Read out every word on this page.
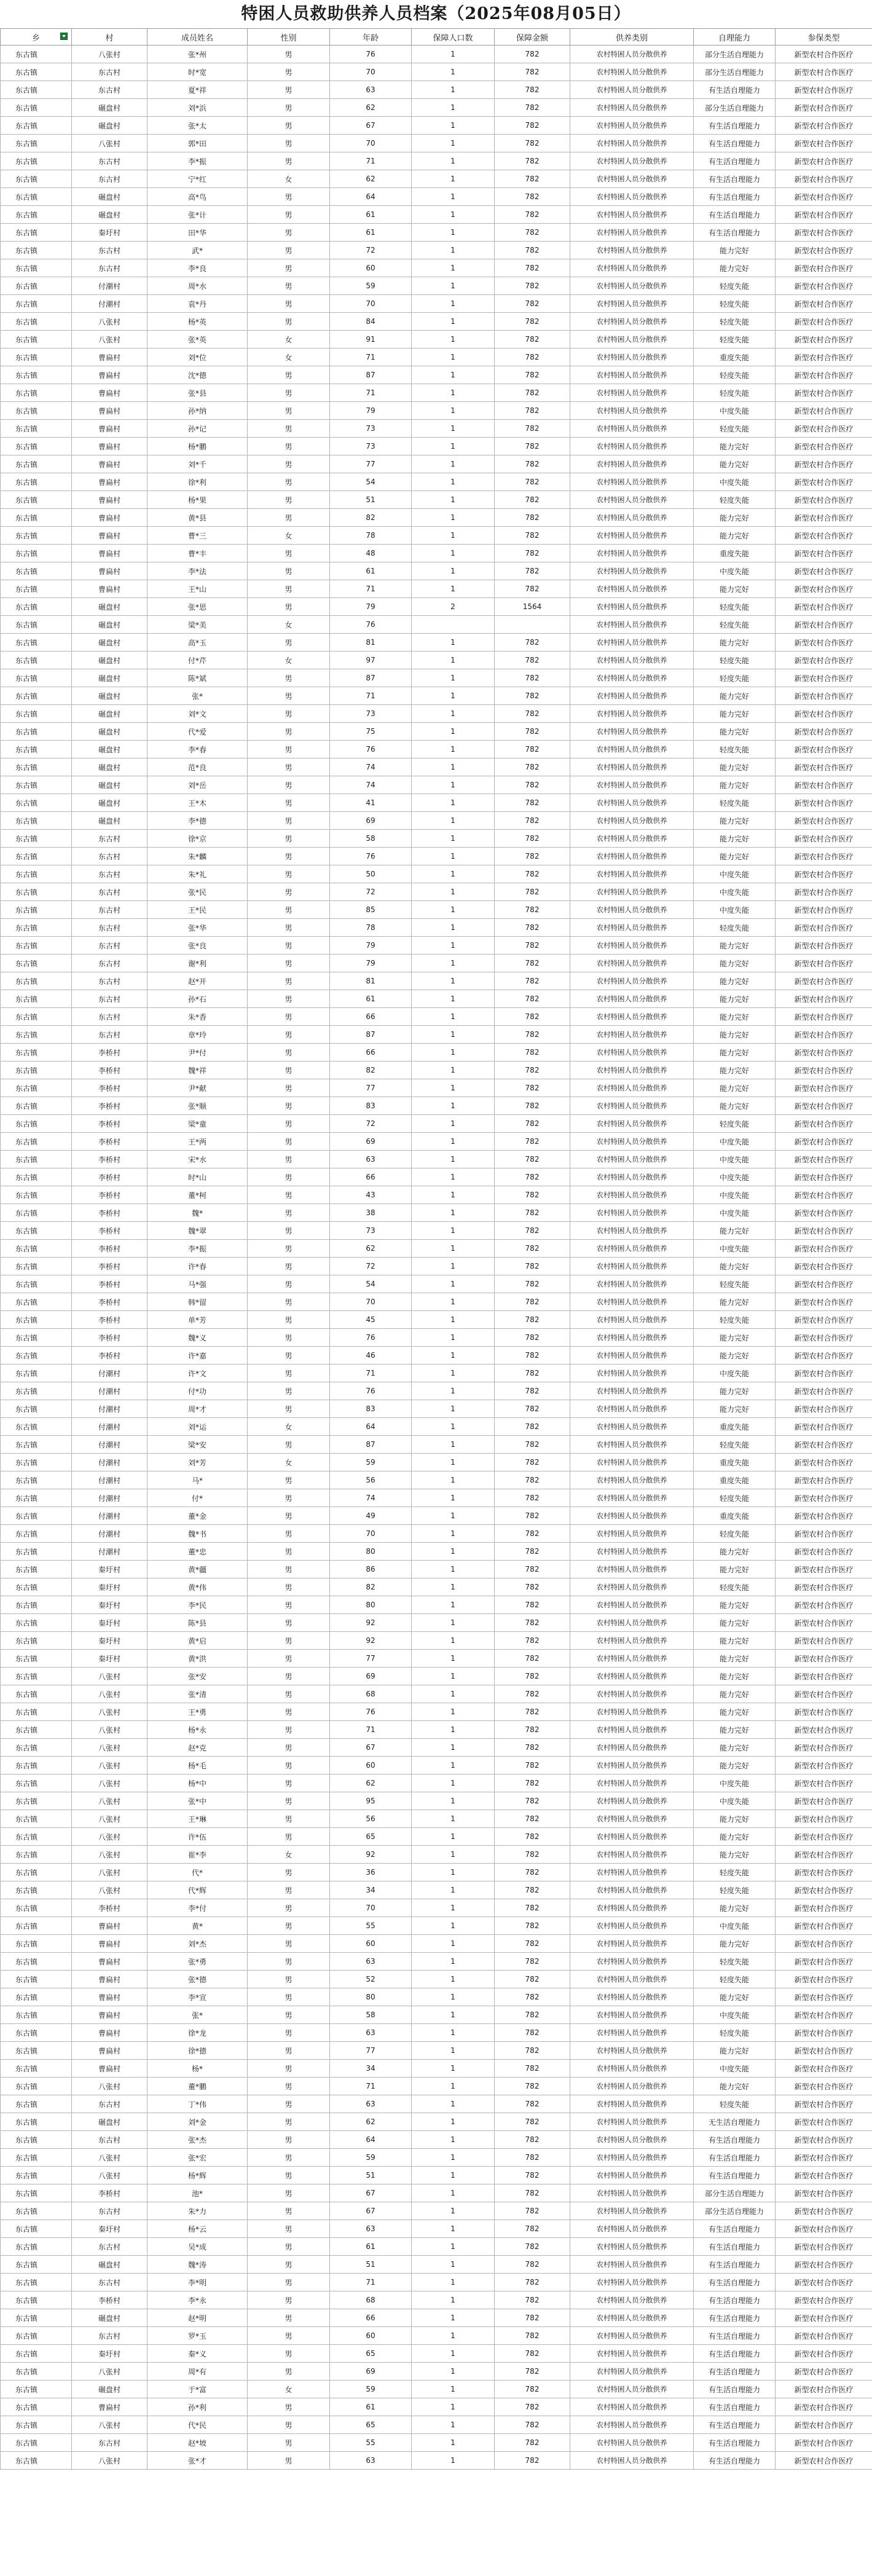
特困人员救助供养人员档案（2025年08月05日）
乡	村	成员姓名	性别	年龄	保障人口数	保障金额	供养类别	自理能力	参保类型
东古镇	八张村	张*州	男	76	1	782	农村特困人员分散供养	部分生活自理能力	新型农村合作医疗
东古镇	东古村	时*宽	男	70	1	782	农村特困人员分散供养	部分生活自理能力	新型农村合作医疗
东古镇	东古村	夏*祥	男	63	1	782	农村特困人员分散供养	有生活自理能力	新型农村合作医疗
东古镇	碾盘村	刘*浜	男	62	1	782	农村特困人员分散供养	部分生活自理能力	新型农村合作医疗
东古镇	碾盘村	张*太	男	67	1	782	农村特困人员分散供养	有生活自理能力	新型农村合作医疗
东古镇	八张村	郭*田	男	70	1	782	农村特困人员分散供养	有生活自理能力	新型农村合作医疗
东古镇	东古村	李*振	男	71	1	782	农村特困人员分散供养	有生活自理能力	新型农村合作医疗
东古镇	东古村	宁*红	女	62	1	782	农村特困人员分散供养	有生活自理能力	新型农村合作医疗
东古镇	碾盘村	高*鸟	男	64	1	782	农村特困人员分散供养	有生活自理能力	新型农村合作医疗
东古镇	碾盘村	张*计	男	61	1	782	农村特困人员分散供养	有生活自理能力	新型农村合作医疗
东古镇	秦圩村	田*华	男	61	1	782	农村特困人员分散供养	有生活自理能力	新型农村合作医疗
东古镇	东古村	武*	男	72	1	782	农村特困人员分散供养	能力完好	新型农村合作医疗
东古镇	东古村	李*良	男	60	1	782	农村特困人员分散供养	能力完好	新型农村合作医疗
东古镇	付潮村	周*水	男	59	1	782	农村特困人员分散供养	轻度失能	新型农村合作医疗
东古镇	付潮村	袁*丹	男	70	1	782	农村特困人员分散供养	轻度失能	新型农村合作医疗
东古镇	八张村	杨*英	男	84	1	782	农村特困人员分散供养	轻度失能	新型农村合作医疗
东古镇	八张村	张*英	女	91	1	782	农村特困人员分散供养	轻度失能	新型农村合作医疗
东古镇	曹扁村	刘*位	女	71	1	782	农村特困人员分散供养	重度失能	新型农村合作医疗
东古镇	曹扁村	沈*德	男	87	1	782	农村特困人员分散供养	轻度失能	新型农村合作医疗
东古镇	曹扁村	张*县	男	71	1	782	农村特困人员分散供养	轻度失能	新型农村合作医疗
东古镇	曹扁村	孙*纳	男	79	1	782	农村特困人员分散供养	中度失能	新型农村合作医疗
东古镇	曹扁村	孙*记	男	73	1	782	农村特困人员分散供养	轻度失能	新型农村合作医疗
东古镇	曹扁村	杨*鹏	男	73	1	782	农村特困人员分散供养	能力完好	新型农村合作医疗
东古镇	曹扁村	刘*千	男	77	1	782	农村特困人员分散供养	能力完好	新型农村合作医疗
东古镇	曹扁村	徐*利	男	54	1	782	农村特困人员分散供养	中度失能	新型农村合作医疗
东古镇	曹扁村	杨*果	男	51	1	782	农村特困人员分散供养	轻度失能	新型农村合作医疗
东古镇	曹扁村	黄*县	男	82	1	782	农村特困人员分散供养	能力完好	新型农村合作医疗
东古镇	曹扁村	曹*三	女	78	1	782	农村特困人员分散供养	能力完好	新型农村合作医疗
东古镇	曹扁村	曹*丰	男	48	1	782	农村特困人员分散供养	重度失能	新型农村合作医疗
东古镇	曹扁村	李*法	男	61	1	782	农村特困人员分散供养	中度失能	新型农村合作医疗
东古镇	曹扁村	王*山	男	71	1	782	农村特困人员分散供养	能力完好	新型农村合作医疗
东古镇	碾盘村	张*思	男	79	2	1564	农村特困人员分散供养	轻度失能	新型农村合作医疗
东古镇	碾盘村	梁*美	女	76			农村特困人员分散供养	轻度失能	新型农村合作医疗
东古镇	碾盘村	高*玉	男	81	1	782	农村特困人员分散供养	能力完好	新型农村合作医疗
东古镇	碾盘村	付*芹	女	97	1	782	农村特困人员分散供养	轻度失能	新型农村合作医疗
东古镇	碾盘村	陈*斌	男	87	1	782	农村特困人员分散供养	轻度失能	新型农村合作医疗
东古镇	碾盘村	张*	男	71	1	782	农村特困人员分散供养	能力完好	新型农村合作医疗
东古镇	碾盘村	刘*文	男	73	1	782	农村特困人员分散供养	能力完好	新型农村合作医疗
东古镇	碾盘村	代*爱	男	75	1	782	农村特困人员分散供养	能力完好	新型农村合作医疗
东古镇	碾盘村	李*春	男	76	1	782	农村特困人员分散供养	轻度失能	新型农村合作医疗
东古镇	碾盘村	范*良	男	74	1	782	农村特困人员分散供养	能力完好	新型农村合作医疗
东古镇	碾盘村	刘*岳	男	74	1	782	农村特困人员分散供养	能力完好	新型农村合作医疗
东古镇	碾盘村	王*木	男	41	1	782	农村特困人员分散供养	轻度失能	新型农村合作医疗
东古镇	碾盘村	李*德	男	69	1	782	农村特困人员分散供养	能力完好	新型农村合作医疗
东古镇	东古村	徐*京	男	58	1	782	农村特困人员分散供养	能力完好	新型农村合作医疗
东古镇	东古村	朱*麟	男	76	1	782	农村特困人员分散供养	能力完好	新型农村合作医疗
东古镇	东古村	朱*礼	男	50	1	782	农村特困人员分散供养	中度失能	新型农村合作医疗
东古镇	东古村	张*民	男	72	1	782	农村特困人员分散供养	中度失能	新型农村合作医疗
东古镇	东古村	王*民	男	85	1	782	农村特困人员分散供养	中度失能	新型农村合作医疗
东古镇	东古村	张*华	男	78	1	782	农村特困人员分散供养	轻度失能	新型农村合作医疗
东古镇	东古村	张*良	男	79	1	782	农村特困人员分散供养	能力完好	新型农村合作医疗
东古镇	东古村	谢*利	男	79	1	782	农村特困人员分散供养	能力完好	新型农村合作医疗
东古镇	东古村	赵*开	男	81	1	782	农村特困人员分散供养	能力完好	新型农村合作医疗
东古镇	东古村	孙*石	男	61	1	782	农村特困人员分散供养	能力完好	新型农村合作医疗
东古镇	东古村	朱*香	男	66	1	782	农村特困人员分散供养	能力完好	新型农村合作医疗
东古镇	东古村	章*玲	男	87	1	782	农村特困人员分散供养	能力完好	新型农村合作医疗
东古镇	李桥村	尹*付	男	66	1	782	农村特困人员分散供养	能力完好	新型农村合作医疗
东古镇	李桥村	魏*祥	男	82	1	782	农村特困人员分散供养	能力完好	新型农村合作医疗
东古镇	李桥村	尹*献	男	77	1	782	农村特困人员分散供养	能力完好	新型农村合作医疗
东古镇	李桥村	张*顺	男	83	1	782	农村特困人员分散供养	能力完好	新型农村合作医疗
东古镇	李桥村	梁*童	男	72	1	782	农村特困人员分散供养	轻度失能	新型农村合作医疗
东古镇	李桥村	王*两	男	69	1	782	农村特困人员分散供养	中度失能	新型农村合作医疗
东古镇	李桥村	宋*水	男	63	1	782	农村特困人员分散供养	中度失能	新型农村合作医疗
东古镇	李桥村	时*山	男	66	1	782	农村特困人员分散供养	中度失能	新型农村合作医疗
东古镇	李桥村	董*柯	男	43	1	782	农村特困人员分散供养	中度失能	新型农村合作医疗
东古镇	李桥村	魏*	男	38	1	782	农村特困人员分散供养	中度失能	新型农村合作医疗
东古镇	李桥村	魏*翠	男	73	1	782	农村特困人员分散供养	能力完好	新型农村合作医疗
东古镇	李桥村	李*振	男	62	1	782	农村特困人员分散供养	中度失能	新型农村合作医疗
东古镇	李桥村	许*春	男	72	1	782	农村特困人员分散供养	能力完好	新型农村合作医疗
东古镇	李桥村	马*强	男	54	1	782	农村特困人员分散供养	轻度失能	新型农村合作医疗
东古镇	李桥村	韩*留	男	70	1	782	农村特困人员分散供养	能力完好	新型农村合作医疗
东古镇	李桥村	单*芳	男	45	1	782	农村特困人员分散供养	轻度失能	新型农村合作医疗
东古镇	李桥村	魏*义	男	76	1	782	农村特困人员分散供养	能力完好	新型农村合作医疗
东古镇	李桥村	许*嘉	男	46	1	782	农村特困人员分散供养	能力完好	新型农村合作医疗
东古镇	付潮村	许*文	男	71	1	782	农村特困人员分散供养	中度失能	新型农村合作医疗
东古镇	付潮村	付*功	男	76	1	782	农村特困人员分散供养	能力完好	新型农村合作医疗
东古镇	付潮村	周*才	男	83	1	782	农村特困人员分散供养	能力完好	新型农村合作医疗
东古镇	付潮村	刘*运	女	64	1	782	农村特困人员分散供养	重度失能	新型农村合作医疗
东古镇	付潮村	梁*安	男	87	1	782	农村特困人员分散供养	轻度失能	新型农村合作医疗
东古镇	付潮村	刘*芳	女	59	1	782	农村特困人员分散供养	重度失能	新型农村合作医疗
东古镇	付潮村	马*	男	56	1	782	农村特困人员分散供养	重度失能	新型农村合作医疗
东古镇	付潮村	付*	男	74	1	782	农村特困人员分散供养	轻度失能	新型农村合作医疗
东古镇	付潮村	董*金	男	49	1	782	农村特困人员分散供养	重度失能	新型农村合作医疗
东古镇	付潮村	魏*书	男	70	1	782	农村特困人员分散供养	轻度失能	新型农村合作医疗
东古镇	付潮村	董*忠	男	80	1	782	农村特困人员分散供养	能力完好	新型农村合作医疗
东古镇	秦圩村	黄*疆	男	86	1	782	农村特困人员分散供养	能力完好	新型农村合作医疗
东古镇	秦圩村	黄*伟	男	82	1	782	农村特困人员分散供养	轻度失能	新型农村合作医疗
东古镇	秦圩村	李*民	男	80	1	782	农村特困人员分散供养	能力完好	新型农村合作医疗
东古镇	秦圩村	陈*县	男	92	1	782	农村特困人员分散供养	能力完好	新型农村合作医疗
东古镇	秦圩村	黄*启	男	92	1	782	农村特困人员分散供养	能力完好	新型农村合作医疗
东古镇	秦圩村	黄*洪	男	77	1	782	农村特困人员分散供养	能力完好	新型农村合作医疗
东古镇	八张村	张*安	男	69	1	782	农村特困人员分散供养	能力完好	新型农村合作医疗
东古镇	八张村	张*清	男	68	1	782	农村特困人员分散供养	能力完好	新型农村合作医疗
东古镇	八张村	王*勇	男	76	1	782	农村特困人员分散供养	能力完好	新型农村合作医疗
东古镇	八张村	杨*永	男	71	1	782	农村特困人员分散供养	能力完好	新型农村合作医疗
东古镇	八张村	赵*克	男	67	1	782	农村特困人员分散供养	能力完好	新型农村合作医疗
东古镇	八张村	杨*毛	男	60	1	782	农村特困人员分散供养	能力完好	新型农村合作医疗
东古镇	八张村	杨*中	男	62	1	782	农村特困人员分散供养	中度失能	新型农村合作医疗
东古镇	八张村	张*中	男	95	1	782	农村特困人员分散供养	中度失能	新型农村合作医疗
东古镇	八张村	王*琳	男	56	1	782	农村特困人员分散供养	能力完好	新型农村合作医疗
东古镇	八张村	许*伍	男	65	1	782	农村特困人员分散供养	能力完好	新型农村合作医疗
东古镇	八张村	崔*李	女	92	1	782	农村特困人员分散供养	能力完好	新型农村合作医疗
东古镇	八张村	代*	男	36	1	782	农村特困人员分散供养	轻度失能	新型农村合作医疗
东古镇	八张村	代*辉	男	34	1	782	农村特困人员分散供养	轻度失能	新型农村合作医疗
东古镇	李桥村	李*付	男	70	1	782	农村特困人员分散供养	能力完好	新型农村合作医疗
东古镇	曹扁村	黄*	男	55	1	782	农村特困人员分散供养	中度失能	新型农村合作医疗
东古镇	曹扁村	刘*杰	男	60	1	782	农村特困人员分散供养	能力完好	新型农村合作医疗
东古镇	曹扁村	张*勇	男	63	1	782	农村特困人员分散供养	轻度失能	新型农村合作医疗
东古镇	曹扁村	张*德	男	52	1	782	农村特困人员分散供养	轻度失能	新型农村合作医疗
东古镇	曹扁村	李*宣	男	80	1	782	农村特困人员分散供养	能力完好	新型农村合作医疗
东古镇	曹扁村	张*	男	58	1	782	农村特困人员分散供养	中度失能	新型农村合作医疗
东古镇	曹扁村	徐*龙	男	63	1	782	农村特困人员分散供养	轻度失能	新型农村合作医疗
东古镇	曹扁村	徐*德	男	77	1	782	农村特困人员分散供养	能力完好	新型农村合作医疗
东古镇	曹扁村	杨*	男	34	1	782	农村特困人员分散供养	中度失能	新型农村合作医疗
东古镇	八张村	董*鹏	男	71	1	782	农村特困人员分散供养	能力完好	新型农村合作医疗
东古镇	东古村	丁*伟	男	63	1	782	农村特困人员分散供养	轻度失能	新型农村合作医疗
东古镇	碾盘村	刘*金	男	62	1	782	农村特困人员分散供养	无生活自理能力	新型农村合作医疗
东古镇	东古村	张*杰	男	64	1	782	农村特困人员分散供养	有生活自理能力	新型农村合作医疗
东古镇	八张村	张*宏	男	59	1	782	农村特困人员分散供养	有生活自理能力	新型农村合作医疗
东古镇	八张村	杨*辉	男	51	1	782	农村特困人员分散供养	有生活自理能力	新型农村合作医疗
东古镇	李桥村	池*	男	67	1	782	农村特困人员分散供养	部分生活自理能力	新型农村合作医疗
东古镇	东古村	朱*力	男	67	1	782	农村特困人员分散供养	部分生活自理能力	新型农村合作医疗
东古镇	秦圩村	杨*云	男	63	1	782	农村特困人员分散供养	有生活自理能力	新型农村合作医疗
东古镇	东古村	吴*成	男	61	1	782	农村特困人员分散供养	有生活自理能力	新型农村合作医疗
东古镇	碾盘村	魏*涛	男	51	1	782	农村特困人员分散供养	有生活自理能力	新型农村合作医疗
东古镇	东古村	李*明	男	71	1	782	农村特困人员分散供养	有生活自理能力	新型农村合作医疗
东古镇	李桥村	李*永	男	68	1	782	农村特困人员分散供养	有生活自理能力	新型农村合作医疗
东古镇	碾盘村	赵*明	男	66	1	782	农村特困人员分散供养	有生活自理能力	新型农村合作医疗
东古镇	东古村	罗*玉	男	60	1	782	农村特困人员分散供养	有生活自理能力	新型农村合作医疗
东古镇	秦圩村	秦*义	男	65	1	782	农村特困人员分散供养	有生活自理能力	新型农村合作医疗
东古镇	八张村	周*有	男	69	1	782	农村特困人员分散供养	有生活自理能力	新型农村合作医疗
东古镇	碾盘村	于*富	女	59	1	782	农村特困人员分散供养	有生活自理能力	新型农村合作医疗
东古镇	曹扁村	孙*利	男	61	1	782	农村特困人员分散供养	有生活自理能力	新型农村合作医疗
东古镇	八张村	代*民	男	65	1	782	农村特困人员分散供养	有生活自理能力	新型农村合作医疗
东古镇	东古村	赵*坡	男	55	1	782	农村特困人员分散供养	有生活自理能力	新型农村合作医疗
东古镇	八张村	张*才	男	63	1	782	农村特困人员分散供养	有生活自理能力	新型农村合作医疗
